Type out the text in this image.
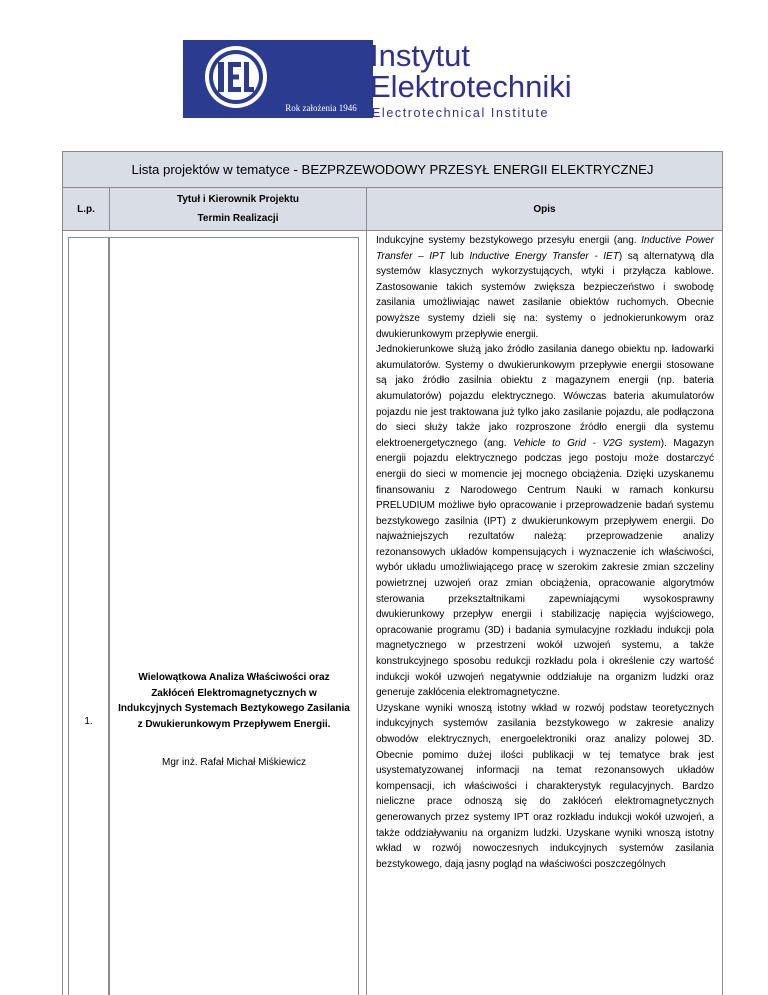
Rok założenia 1946
Instytut
Elektrotechniki
Electrotechnical Institute
Lista projektów w tematyce - BEZPRZEWODOWY PRZESYŁ ENERGII ELEKTRYCZNEJ
L.p.
Tytuł i Kierownik Projektu
Termin Realizacji
Opis
1.
Wielowątkowa Analiza Właściwości oraz Zakłóceń Elektromagnetycznych w Indukcyjnych Systemach Beztykowego Zasilania z Dwukierunkowym Przepływem Energii.
Mgr inż. Rafał Michał Miśkiewicz

Indukcyjne systemy bezstykowego przesyłu energii (ang. Inductive Power Transfer – IPT lub Inductive Energy Transfer - IET) są alternatywą dla systemów klasycznych wykorzystujących, wtyki i przyłącza kablowe. Zastosowanie takich systemów zwiększa bezpieczeństwo i swobodę zasilania umożliwiając nawet zasilanie obiektów ruchomych. Obecnie powyższe systemy dzieli się na: systemy o jednokierunkowym oraz dwukierunkowym przepływie energii.

Jednokierunkowe służą jako źródło zasilania danego obiektu np. ładowarki akumulatorów. Systemy o dwukierunkowym przepływie energii stosowane są jako źródło zasilnia obiektu z magazynem energii (np. bateria akumulatorów) pojazdu elektrycznego. Wówczas bateria akumulatorów pojazdu nie jest traktowana już tylko jako zasilanie pojazdu, ale podłączona do sieci służy także jako rozproszone źródło energii dla systemu elektroenergetycznego (ang. Vehicle to Grid - V2G system). Magazyn energii pojazdu elektrycznego podczas jego postoju może dostarczyć energii do sieci w momencie jej mocnego obciążenia. Dzięki uzyskanemu finansowaniu z Narodowego Centrum Nauki w ramach konkursu PRELUDIUM możliwe było opracowanie i przeprowadzenie badań systemu bezstykowego zasilnia (IPT) z dwukierunkowym przepływem energii. Do najważniejszych rezultatów należą: przeprowadzenie analizy rezonansowych układów kompensujących i wyznaczenie ich właściwości, wybór układu umożliwiającego pracę w szerokim zakresie zmian szczeliny powietrznej uzwojeń oraz zmian obciążenia, opracowanie algorytmów sterowania przekształtnikami zapewniającymi wysokosprawny dwukierunkowy przepływ energii i stabilizację napięcia wyjściowego, opracowanie programu (3D) i badania symulacyjne rozkładu indukcji pola magnetycznego w przestrzeni wokół uzwojeń systemu, a także konstrukcyjnego sposobu redukcji rozkładu pola i określenie czy wartość indukcji wokół uzwojeń negatywnie oddziałuje na organizm ludzki oraz generuje zakłócenia elektromagnetyczne.

Uzyskane wyniki wnoszą istotny wkład w rozwój podstaw teoretycznych indukcyjnych systemów zasilania bezstykowego w zakresie analizy obwodów elektrycznych, energoelektroniki oraz analizy polowej 3D. Obecnie pomimo dużej ilości publikacji w tej tematyce brak jest usystematyzowanej informacji na temat rezonansowych układów kompensacji, ich właściwości i charakterystyk regulacyjnych. Bardzo nieliczne prace odnoszą się do zakłóceń elektromagnetycznych generowanych przez systemy IPT oraz rozkładu indukcji wokół uzwojeń, a także oddziaływaniu na organizm ludzki. Uzyskane wyniki wnoszą istotny wkład w rozwój nowoczesnych indukcyjnych systemów zasilania bezstykowego, dają jasny pogląd na właściwości poszczególnych
